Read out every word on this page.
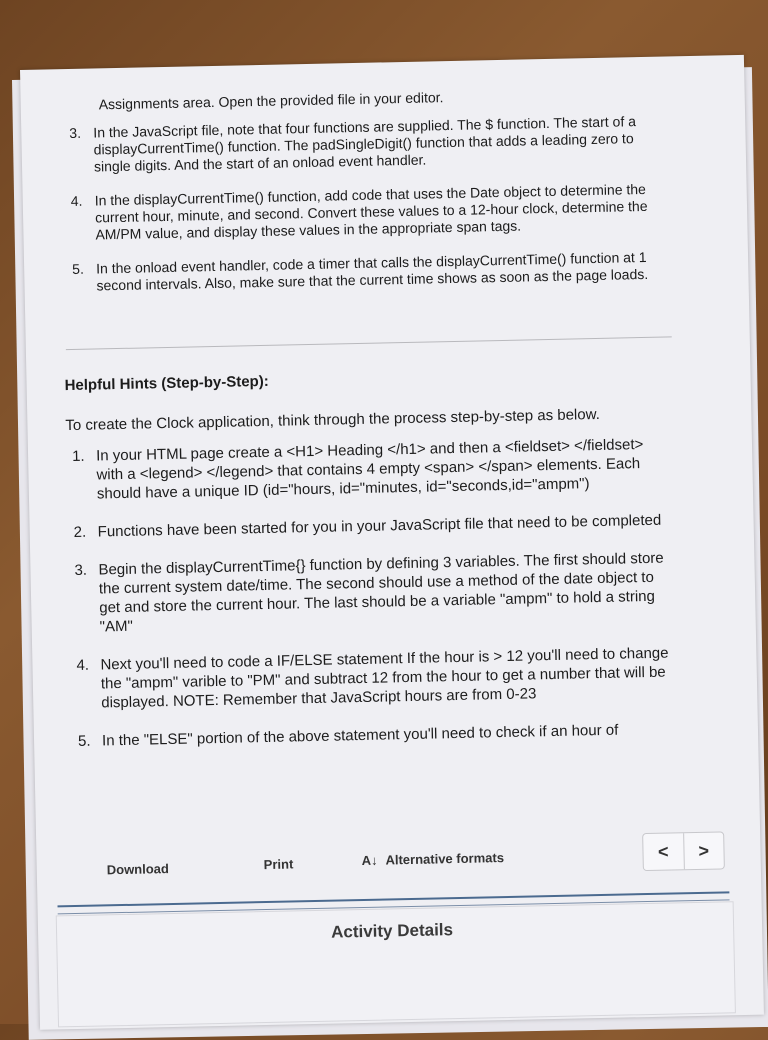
Assignments area. Open the provided file in your editor.
3. In the JavaScript file, note that four functions are supplied. The $ function. The start of a displayCurrentTime() function. The padSingleDigit() function that adds a leading zero to single digits. And the start of an onload event handler.
4. In the displayCurrentTime() function, add code that uses the Date object to determine the current hour, minute, and second. Convert these values to a 12-hour clock, determine the AM/PM value, and display these values in the appropriate span tags.
5. In the onload event handler, code a timer that calls the displayCurrentTime() function at 1 second intervals. Also, make sure that the current time shows as soon as the page loads.
Helpful Hints (Step-by-Step):
To create the Clock application, think through the process step-by-step as below.
1. In your HTML page create a <H1> Heading </h1> and then a <fieldset> </fieldset> with a <legend> </legend> that contains 4 empty <span> </span> elements. Each should have a unique ID (id="hours, id="minutes, id="seconds,id="ampm")
2. Functions have been started for you in your JavaScript file that need to be completed
3. Begin the displayCurrentTime{} function by defining 3 variables. The first should store the current system date/time. The second should use a method of the date object to get and store the current hour. The last should be a variable "ampm" to hold a string "AM"
4. Next you'll need to code a IF/ELSE statement If the hour is > 12 you'll need to change the "ampm" varible to "PM" and subtract 12 from the hour to get a number that will be displayed. NOTE: Remember that JavaScript hours are from 0-23
5. In the "ELSE" portion of the above statement you'll need to check if an hour of
Download	Print	A↓ Alternative formats	<	>
Activity Details
